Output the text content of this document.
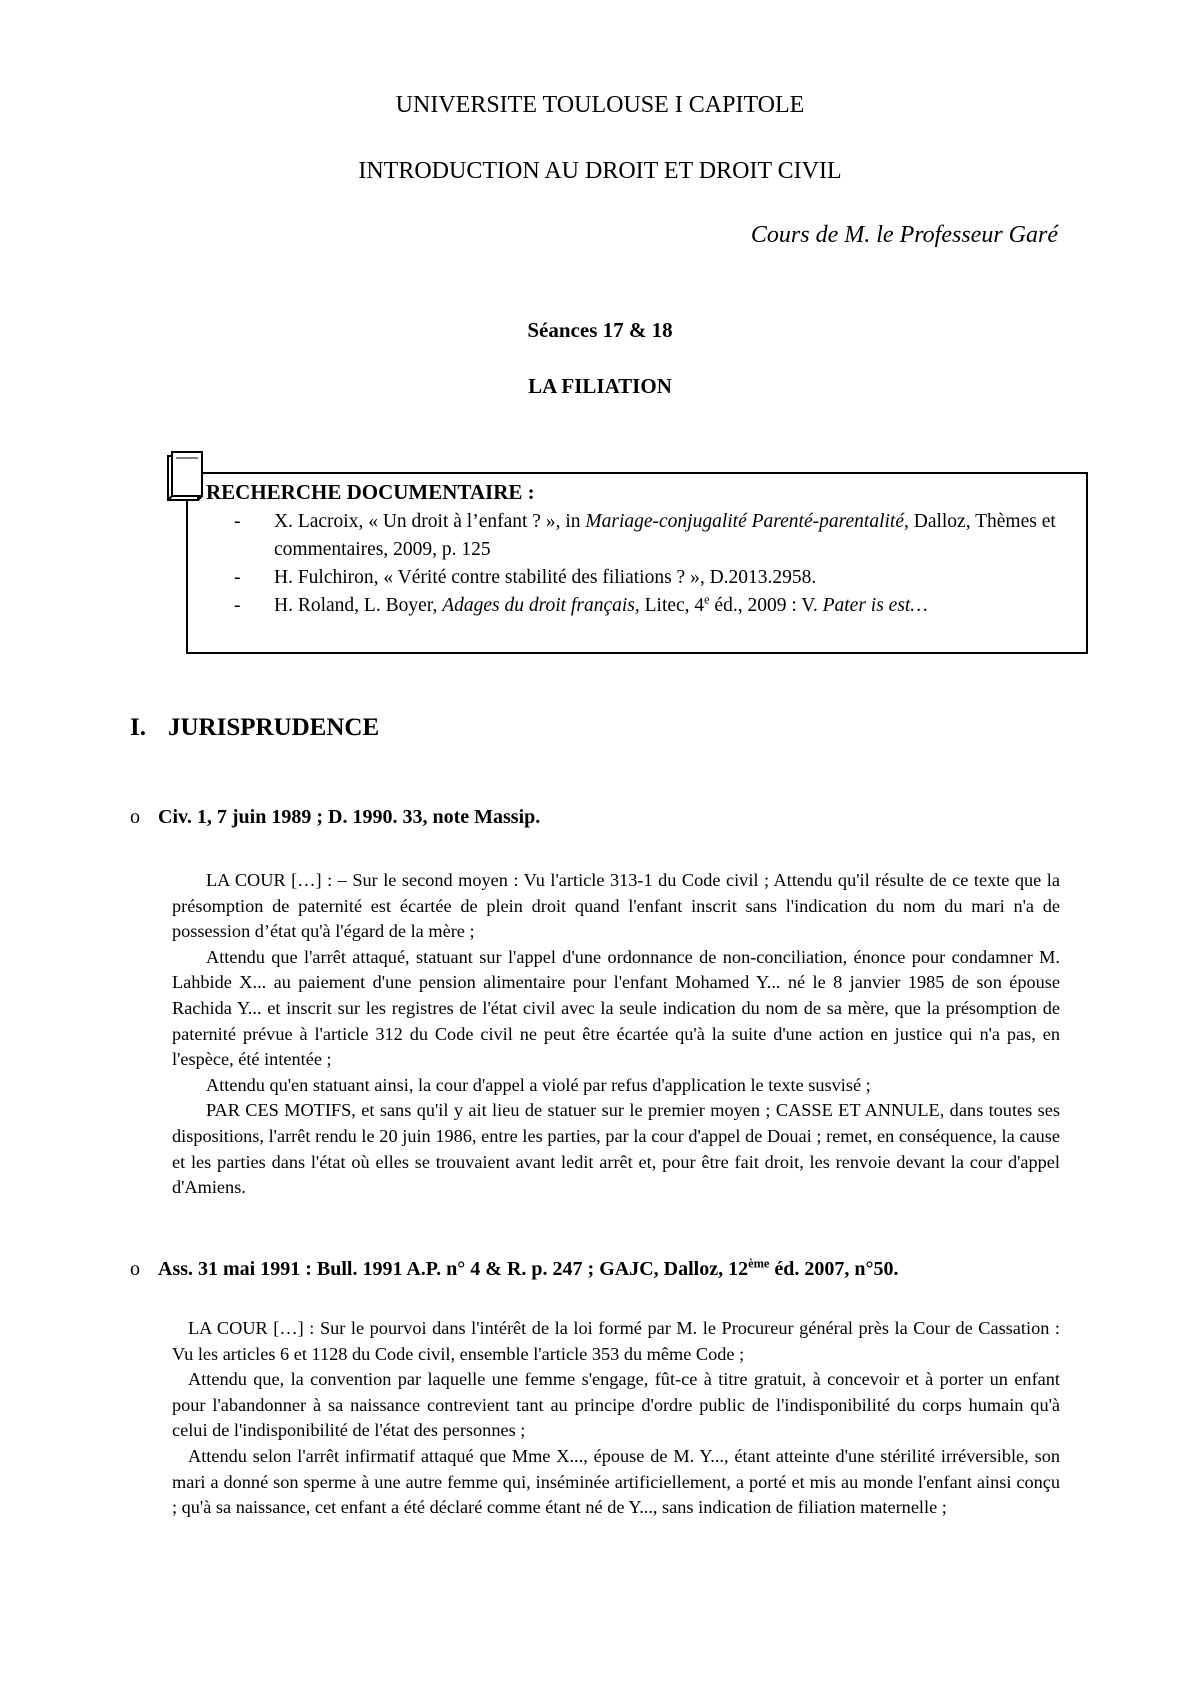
UNIVERSITE TOULOUSE I CAPITOLE
INTRODUCTION AU DROIT ET DROIT CIVIL
Cours de M. le Professeur Garé
Séances 17 & 18
LA FILIATION
RECHERCHE DOCUMENTAIRE :
- X. Lacroix, « Un droit à l’enfant ? », in Mariage-conjugalité Parenté-parentalité, Dalloz, Thèmes et commentaires, 2009, p. 125
- H. Fulchiron, « Vérité contre stabilité des filiations ? », D.2013.2958.
- H. Roland, L. Boyer, Adages du droit français, Litec, 4e éd., 2009 : V. Pater is est…
I. JURISPRUDENCE
o Civ. 1, 7 juin 1989 ; D. 1990. 33, note Massip.

LA COUR […] : – Sur le second moyen : Vu l'article 313-1 du Code civil ; Attendu qu'il résulte de ce texte que la présomption de paternité est écartée de plein droit quand l'enfant inscrit sans l'indication du nom du mari n'a de possession d’état qu'à l'égard de la mère ;

Attendu que l'arrêt attaqué, statuant sur l'appel d'une ordonnance de non-conciliation, énonce pour condamner M. Lahbide X... au paiement d'une pension alimentaire pour l'enfant Mohamed Y... né le 8 janvier 1985 de son épouse Rachida Y... et inscrit sur les registres de l'état civil avec la seule indication du nom de sa mère, que la présomption de paternité prévue à l'article 312 du Code civil ne peut être écartée qu'à la suite d'une action en justice qui n'a pas, en l'espèce, été intentée ;

Attendu qu'en statuant ainsi, la cour d'appel a violé par refus d'application le texte susvisé ;

PAR CES MOTIFS, et sans qu'il y ait lieu de statuer sur le premier moyen ; CASSE ET ANNULE, dans toutes ses dispositions, l'arrêt rendu le 20 juin 1986, entre les parties, par la cour d'appel de Douai ; remet, en conséquence, la cause et les parties dans l'état où elles se trouvaient avant ledit arrêt et, pour être fait droit, les renvoie devant la cour d'appel d'Amiens.

o Ass. 31 mai 1991 : Bull. 1991 A.P. n° 4 & R. p. 247 ; GAJC, Dalloz, 12ème éd. 2007, n°50.

LA COUR […] : Sur le pourvoi dans l'intérêt de la loi formé par M. le Procureur général près la Cour de Cassation : Vu les articles 6 et 1128 du Code civil, ensemble l'article 353 du même Code ;

Attendu que, la convention par laquelle une femme s'engage, fût-ce à titre gratuit, à concevoir et à porter un enfant pour l'abandonner à sa naissance contrevient tant au principe d'ordre public de l'indisponibilité du corps humain qu'à celui de l'indisponibilité de l'état des personnes ;

Attendu selon l'arrêt infirmatif attaqué que Mme X..., épouse de M. Y..., étant atteinte d'une stérilité irréversible, son mari a donné son sperme à une autre femme qui, inséminée artificiellement, a porté et mis au monde l'enfant ainsi conçu ; qu'à sa naissance, cet enfant a été déclaré comme étant né de Y..., sans indication de filiation maternelle ;
